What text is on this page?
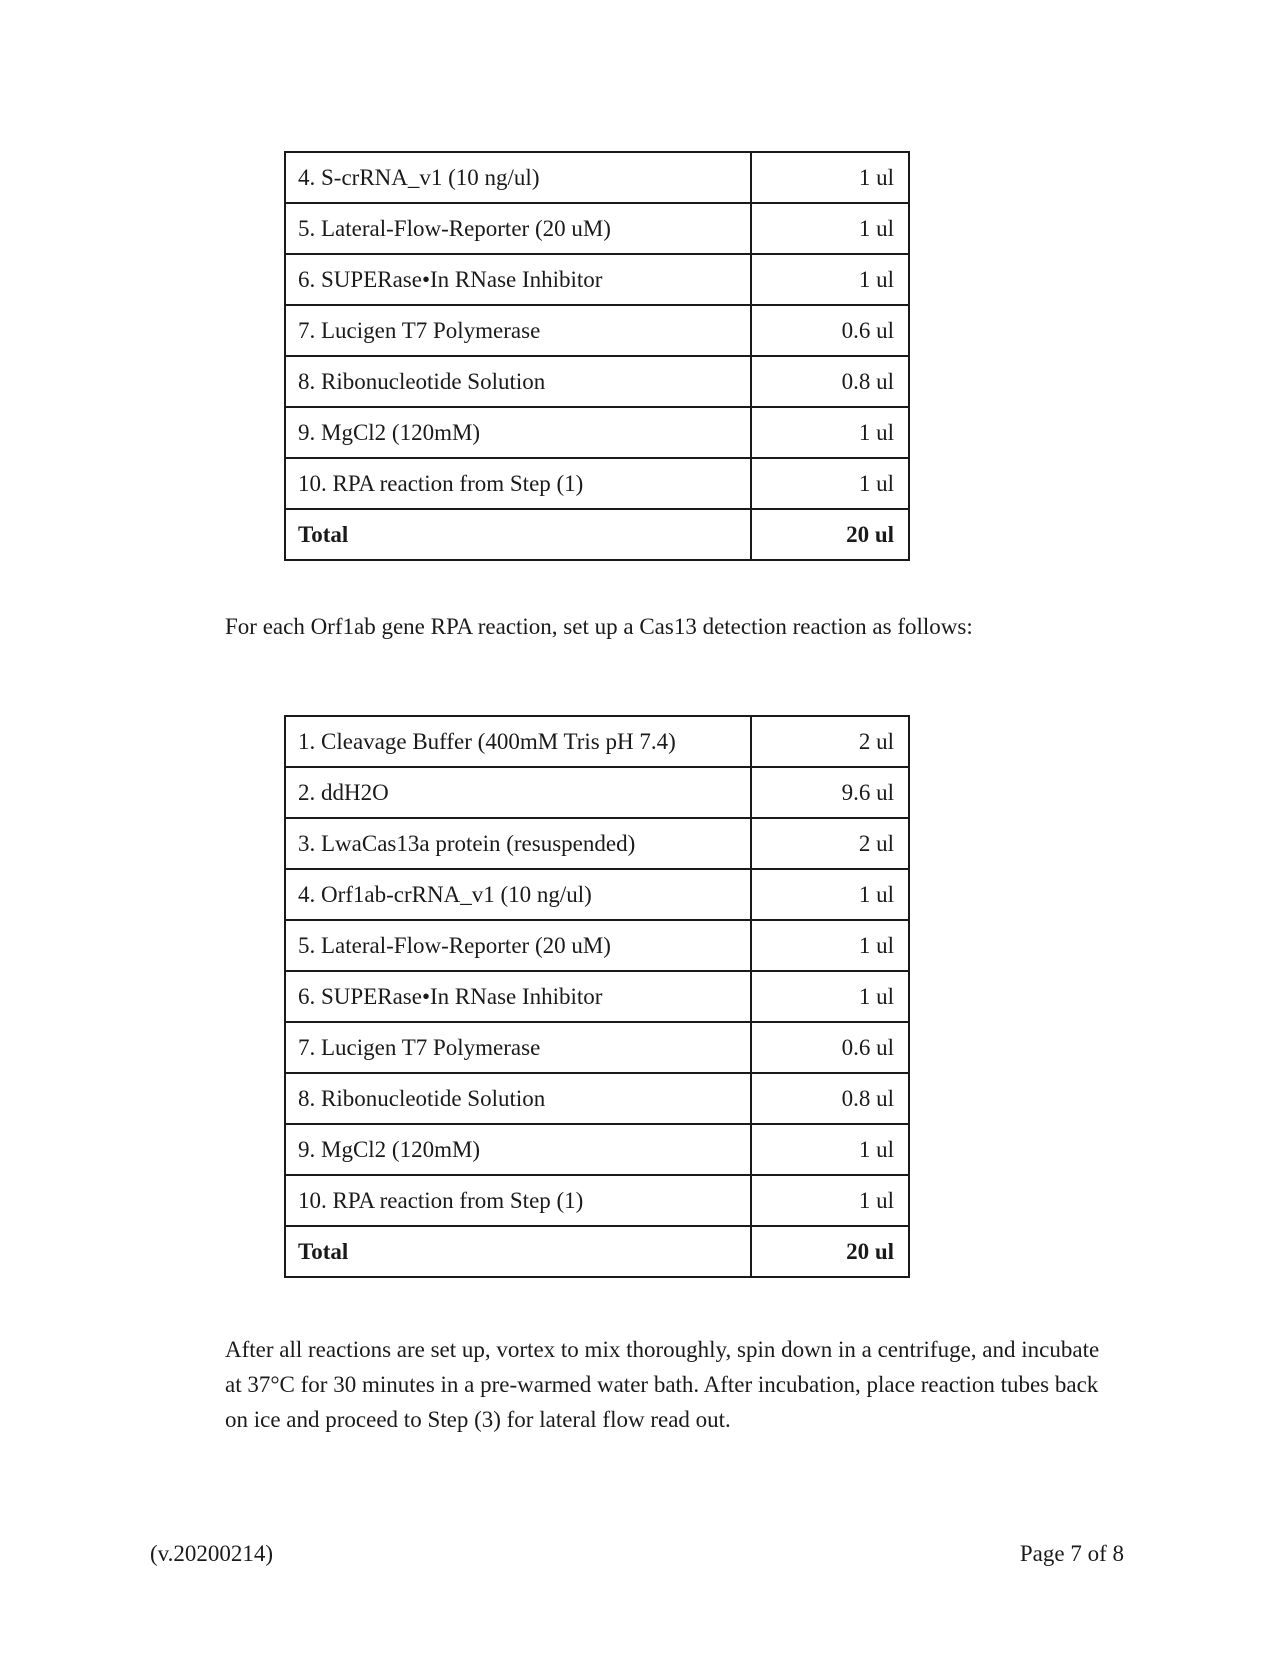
4. S-crRNA_v1 (10 ng/ul)	1 ul
5. Lateral-Flow-Reporter (20 uM)	1 ul
6. SUPERase•In RNase Inhibitor	1 ul
7. Lucigen T7 Polymerase	0.6 ul
8. Ribonucleotide Solution	0.8 ul
9. MgCl2 (120mM)	1 ul
10. RPA reaction from Step (1)	1 ul
Total	20 ul

For each Orf1ab gene RPA reaction, set up a Cas13 detection reaction as follows:

1. Cleavage Buffer (400mM Tris pH 7.4)	2 ul
2. ddH2O	9.6 ul
3. LwaCas13a protein (resuspended)	2 ul
4. Orf1ab-crRNA_v1 (10 ng/ul)	1 ul
5. Lateral-Flow-Reporter (20 uM)	1 ul
6. SUPERase•In RNase Inhibitor	1 ul
7. Lucigen T7 Polymerase	0.6 ul
8. Ribonucleotide Solution	0.8 ul
9. MgCl2 (120mM)	1 ul
10. RPA reaction from Step (1)	1 ul
Total	20 ul

After all reactions are set up, vortex to mix thoroughly, spin down in a centrifuge, and incubate at 37°C for 30 minutes in a pre-warmed water bath. After incubation, place reaction tubes back on ice and proceed to Step (3) for lateral flow read out.

(v.20200214)	Page 7 of 8
